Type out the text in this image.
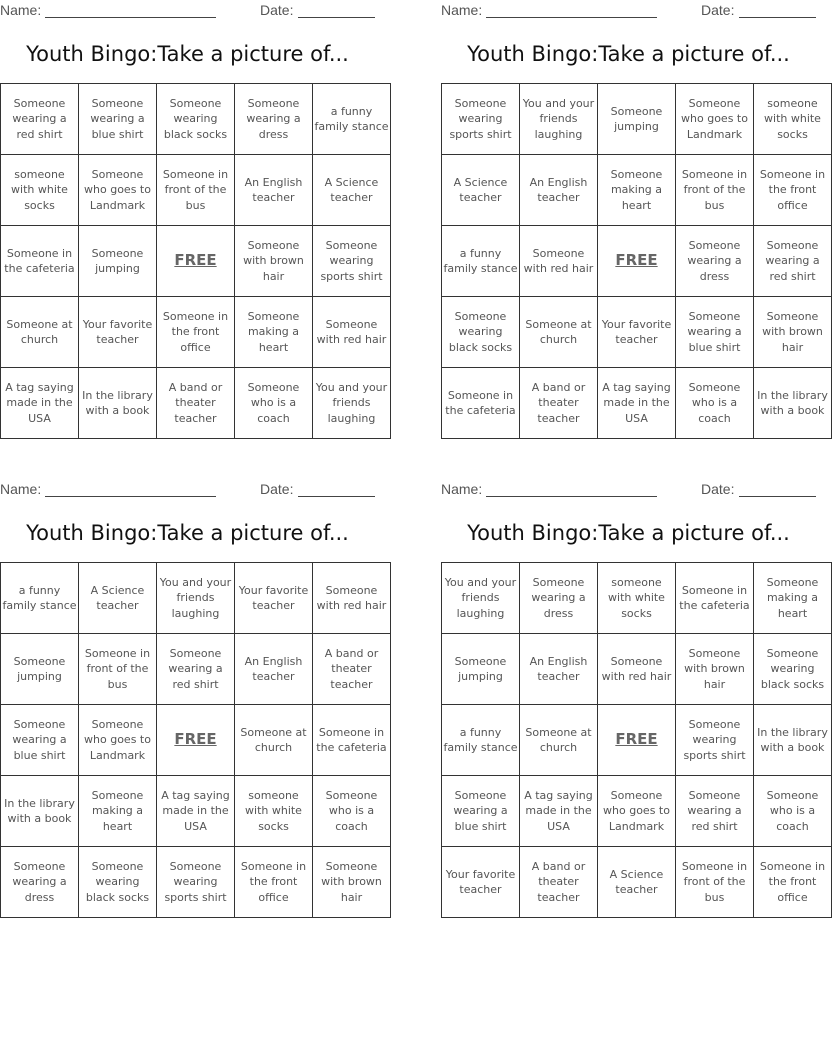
Name:	Date:
Youth Bingo:Take a picture of...
Someone wearing a red shirt	Someone wearing a blue shirt	Someone wearing black socks	Someone wearing a dress	a funny family stance
someone with white socks	Someone who goes to Landmark	Someone in front of the bus	An English teacher	A Science teacher
Someone in the cafeteria	Someone jumping	FREE	Someone with brown hair	Someone wearing sports shirt
Someone at church	Your favorite teacher	Someone in the front office	Someone making a heart	Someone with red hair
A tag saying made in the USA	In the library with a book	A band or theater teacher	Someone who is a coach	You and your friends laughing
Name:	Date:
Youth Bingo:Take a picture of...
Someone wearing sports shirt	You and your friends laughing	Someone jumping	Someone who goes to Landmark	someone with white socks
A Science teacher	An English teacher	Someone making a heart	Someone in front of the bus	Someone in the front office
a funny family stance	Someone with red hair	FREE	Someone wearing a dress	Someone wearing a red shirt
Someone wearing black socks	Someone at church	Your favorite teacher	Someone wearing a blue shirt	Someone with brown hair
Someone in the cafeteria	A band or theater teacher	A tag saying made in the USA	Someone who is a coach	In the library with a book
Name:	Date:
Youth Bingo:Take a picture of...
a funny family stance	A Science teacher	You and your friends laughing	Your favorite teacher	Someone with red hair
Someone jumping	Someone in front of the bus	Someone wearing a red shirt	An English teacher	A band or theater teacher
Someone wearing a blue shirt	Someone who goes to Landmark	FREE	Someone at church	Someone in the cafeteria
In the library with a book	Someone making a heart	A tag saying made in the USA	someone with white socks	Someone who is a coach
Someone wearing a dress	Someone wearing black socks	Someone wearing sports shirt	Someone in the front office	Someone with brown hair
Name:	Date:
Youth Bingo:Take a picture of...
You and your friends laughing	Someone wearing a dress	someone with white socks	Someone in the cafeteria	Someone making a heart
Someone jumping	An English teacher	Someone with red hair	Someone with brown hair	Someone wearing black socks
a funny family stance	Someone at church	FREE	Someone wearing sports shirt	In the library with a book
Someone wearing a blue shirt	A tag saying made in the USA	Someone who goes to Landmark	Someone wearing a red shirt	Someone who is a coach
Your favorite teacher	A band or theater teacher	A Science teacher	Someone in front of the bus	Someone in the front office
